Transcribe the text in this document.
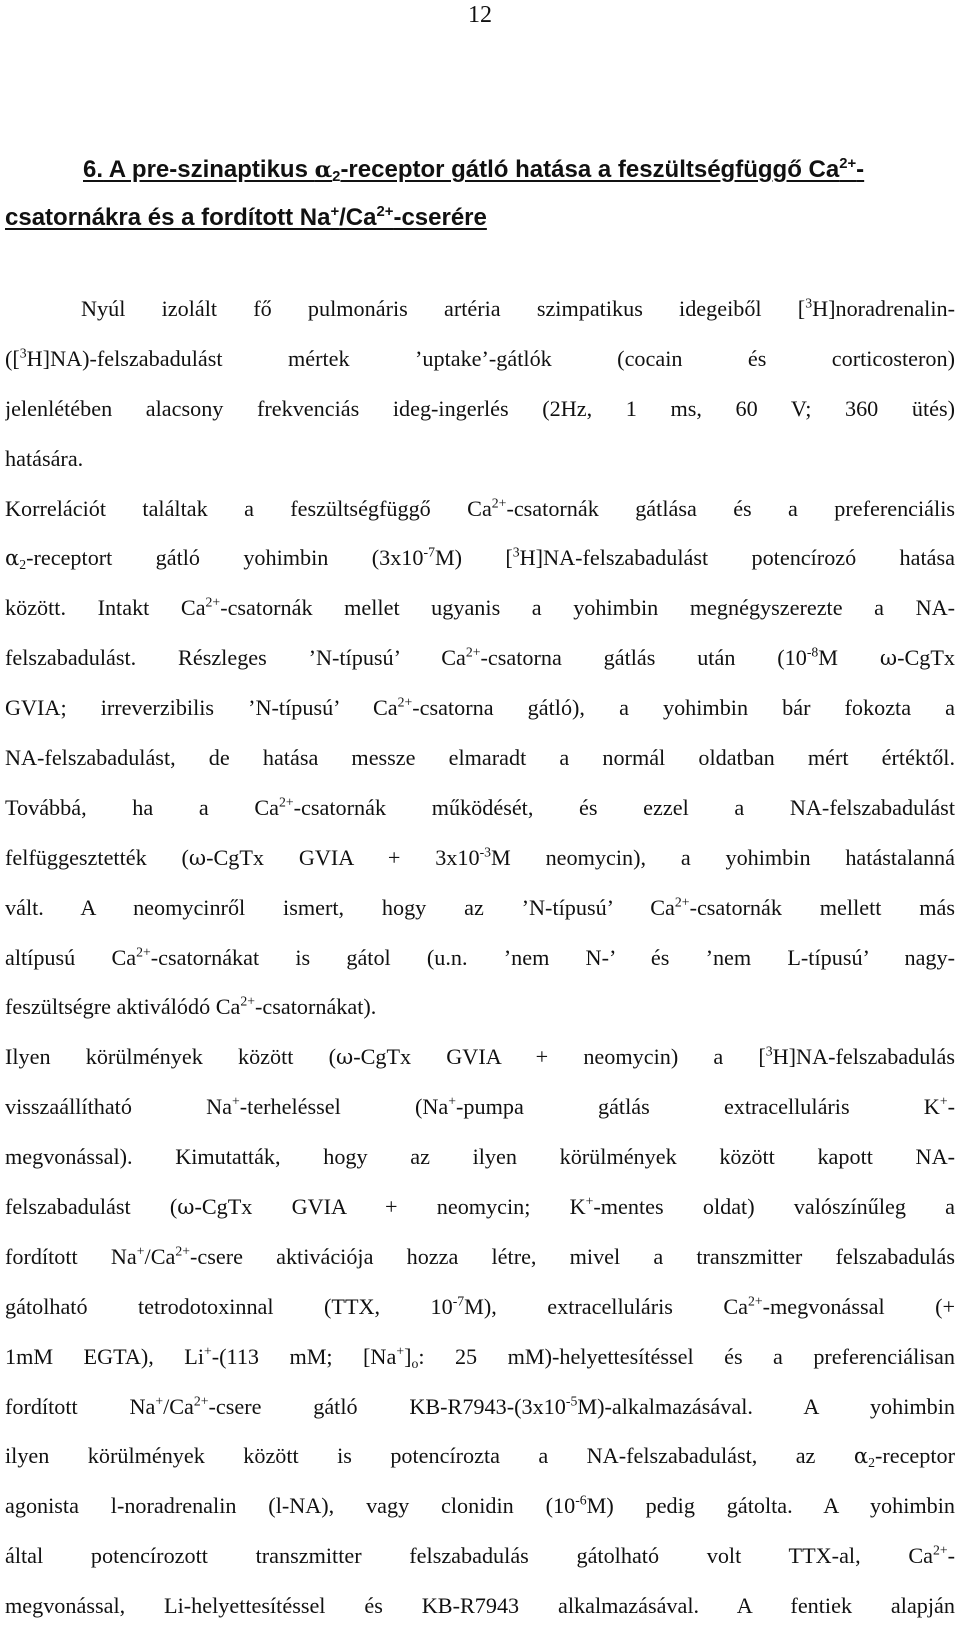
12
6. A pre-szinaptikus $\alpha_2$-receptor gátló hatása a feszültségfüggő $Ca^{2+}-$
csatornákra és a fordított $Na^+/Ca^{2+}$-cserére
Nyúl izolált fő pulmonáris artéria szimpatikus idegeiből [$^3$H]noradrenalin-
([$^3$H]NA)-felszabadulást mértek ’uptake’-gátlók (cocain és corticosteron)
jelenlétében alacsony frekvenciás ideg-ingerlés (2Hz, 1 ms, 60 V; 360 ütés)
hatására.
Korrelációt találtak a feszültségfüggő $Ca^{2+}$-csatornák gátlása és a preferenciális
$\alpha_2$-receptort gátló yohimbin $(3x10^{-7}M)$ [$^3$H]NA-felszabadulást potencírozó hatása
között. Intakt $Ca^{2+}$-csatornák mellet ugyanis a yohimbin megnégyszerezte a NA-
felszabadulást. Részleges ’N-típusú’ $Ca^{2+}$-csatorna gátlás után ($10^{-8}M$ ω-CgTx
GVIA; irreverzibilis ’N-típusú’ $Ca^{2+}$-csatorna gátló), a yohimbin bár fokozta a
NA-felszabadulást, de hatása messze elmaradt a normál oldatban mért értéktől.
Továbbá, ha a $Ca^{2+}$-csatornák működését, és ezzel a NA-felszabadulást
felfüggesztették (ω-CgTx GVIA + $3x10^{-3}M$ neomycin), a yohimbin hatástalanná
vált. A neomycinről ismert, hogy az ’N-típusú’ $Ca^{2+}$-csatornák mellett más
altípusú $Ca^{2+}$-csatornákat is gátol (u.n. ’nem N-’ és ’nem L-típusú’ nagy-
feszültségre aktiválódó $Ca^{2+}-csatornákat$).
Ilyen körülmények között (ω-CgTx GVIA + neomycin) a [$^3$H]NA-felszabadulás
visszaállítható Na+-terheléssel (Na+-pumpa gátlás extracelluláris K+-
megvonással). Kimutatták, hogy az ilyen körülmények között kapott NA-
felszabadulást (ω-CgTx GVIA + neomycin; K+-mentes oldat) valószínűleg a
fordított $Na^+/Ca^{2+}$-csere aktivációja hozza létre, mivel a transzmitter felszabadulás
gátolható tetrodotoxinnal (TTX, $10^{-7}M$), extracelluláris $Ca^{2+}$-megvonással (+
1mM EGTA), Li+-(113 mM; $[Na^+]_o$: 25 mM)-helyettesítéssel és a preferenciálisan
fordított $Na^+/Ca^{2+}$-csere gátló $KB-R7943-(3x10^{-5}M)$-alkalmazásával. A yohimbin
ilyen körülmények között is potencírozta a NA-felszabadulást, az $\alpha_2$-receptor
agonista l-noradrenalin (l-NA), vagy clonidin $(10^{-6}M)$ pedig gátolta. A yohimbin
által potencírozott transzmitter felszabadulás gátolható volt TTX-al, $Ca^{2+}-$
megvonással, Li-helyettesítéssel és KB-R7943 alkalmazásával. A fentiek alapján
